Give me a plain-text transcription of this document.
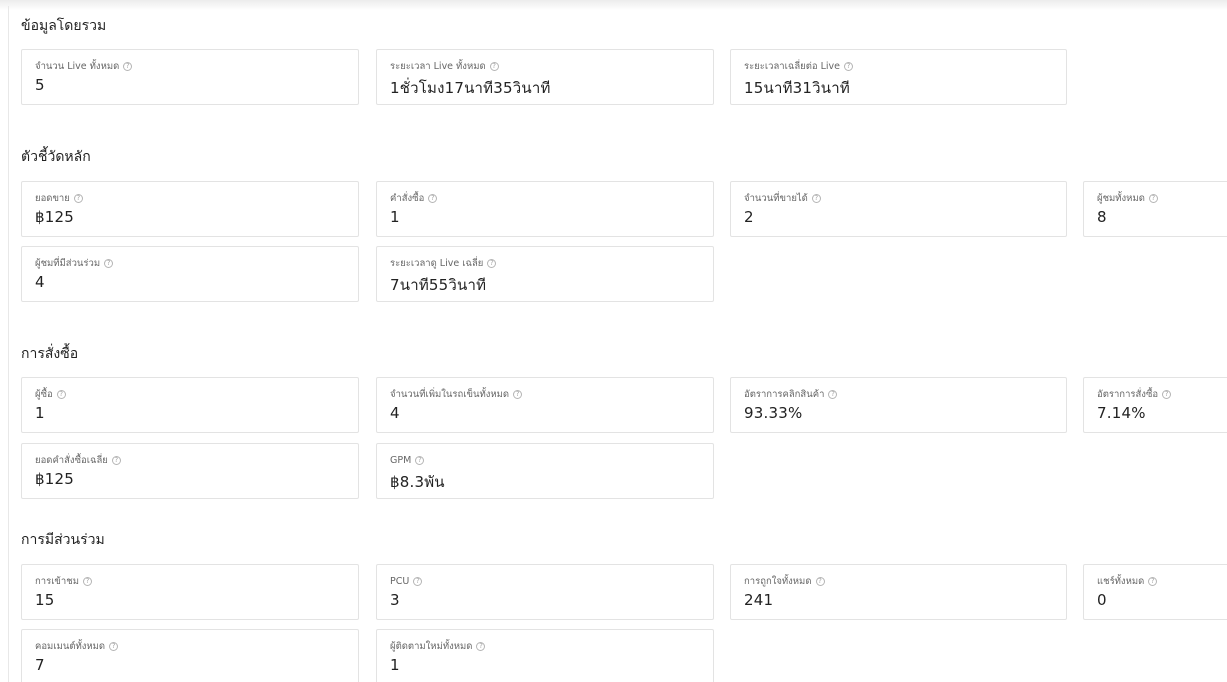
ข้อมูลโดยรวม
จำนวน Live ทั้งหมด ?
5
ระยะเวลา Live ทั้งหมด ?
1ชั่วโมง17นาที35วินาที
ระยะเวลาเฉลี่ยต่อ Live ?
15นาที31วินาที
ตัวชี้วัดหลัก
ยอดขาย ?
฿125
คำสั่งซื้อ ?
1
จำนวนที่ขายได้ ?
2
ผู้ชมทั้งหมด ?
8
ผู้ชมที่มีส่วนร่วม ?
4
ระยะเวลาดู Live เฉลี่ย ?
7นาที55วินาที
การสั่งซื้อ
ผู้ซื้อ ?
1
จำนวนที่เพิ่มในรถเข็นทั้งหมด ?
4
อัตราการคลิกสินค้า ?
93.33%
อัตราการสั่งซื้อ ?
7.14%
ยอดคำสั่งซื้อเฉลี่ย ?
฿125
GPM ?
฿8.3พัน
การมีส่วนร่วม
การเข้าชม ?
15
PCU ?
3
การถูกใจทั้งหมด ?
241
แชร์ทั้งหมด ?
0
คอมเมนต์ทั้งหมด ?
7
ผู้ติดตามใหม่ทั้งหมด ?
1
